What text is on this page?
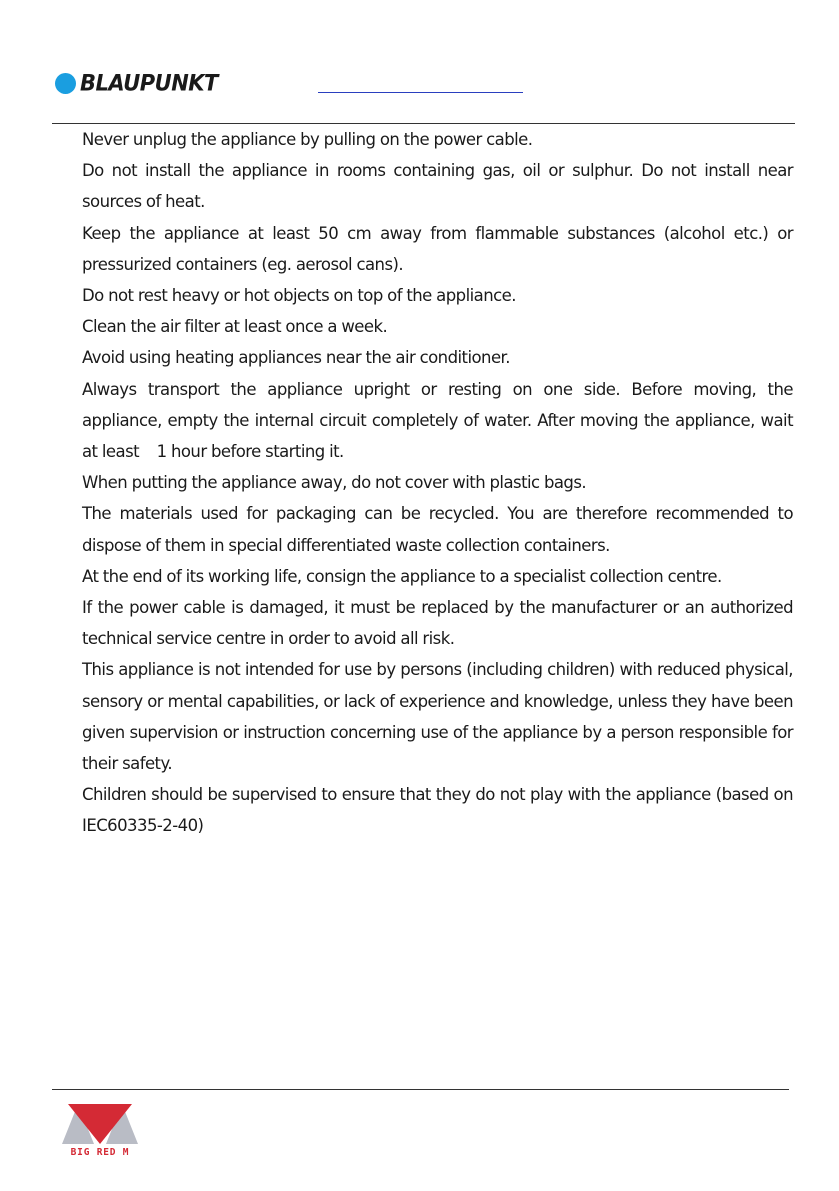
BLAUPUNKT
Never unplug the appliance by pulling on the power cable.
Do not install the appliance in rooms containing gas, oil or sulphur. Do not install near sources of heat.
Keep the appliance at least 50 cm away from flammable substances (alcohol etc.) or pressurized containers (eg. aerosol cans).
Do not rest heavy or hot objects on top of the appliance.
Clean the air filter at least once a week.
Avoid using heating appliances near the air conditioner.
Always transport the appliance upright or resting on one side. Before moving, the appliance, empty the internal circuit completely of water. After moving the appliance, wait at least    1 hour before starting it.
When putting the appliance away, do not cover with plastic bags.
The materials used for packaging can be recycled. You are therefore recommended to dispose of them in special differentiated waste collection containers.
At the end of its working life, consign the appliance to a specialist collection centre.
If the power cable is damaged, it must be replaced by the manufacturer or an authorized technical service centre in order to avoid all risk.
This appliance is not intended for use by persons (including children) with reduced physical, sensory or mental capabilities, or lack of experience and knowledge, unless they have been given supervision or instruction concerning use of the appliance by a person responsible for their safety.
Children should be supervised to ensure that they do not play with the appliance (based on IEC60335-2-40)
BIG RED M
